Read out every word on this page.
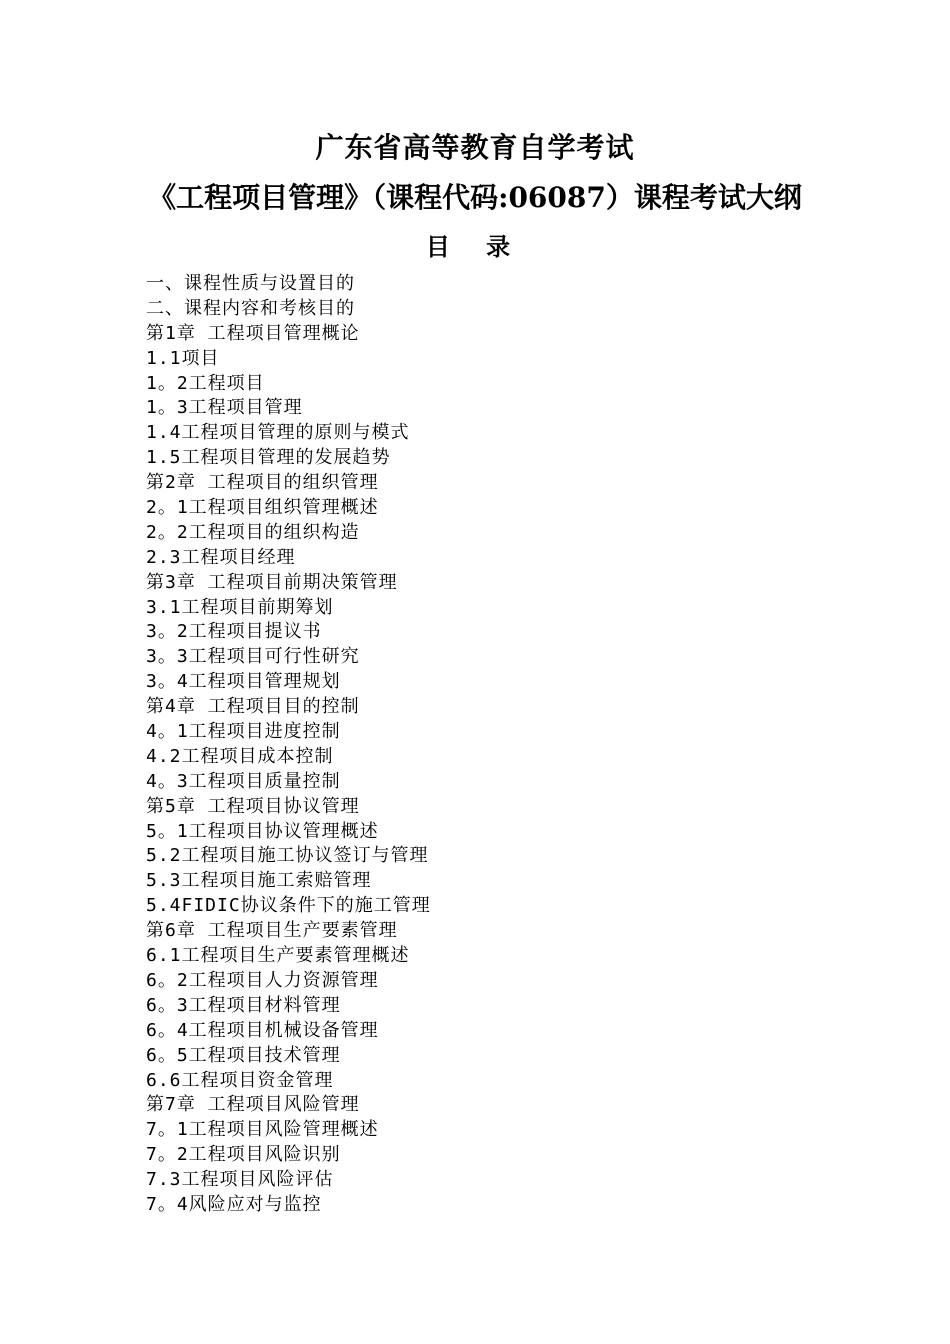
广东省高等教育自学考试
《工程项目管理》（课程代码:06087）课程考试大纲
目 录
一、课程性质与设置目的
二、课程内容和考核目的
第1章 工程项目管理概论
1.1项目
1。2工程项目
1。3工程项目管理
1.4工程项目管理的原则与模式
1.5工程项目管理的发展趋势
第2章 工程项目的组织管理
2。1工程项目组织管理概述
2。2工程项目的组织构造
2.3工程项目经理
第3章 工程项目前期决策管理
3.1工程项目前期筹划
3。2工程项目提议书
3。3工程项目可行性研究
3。4工程项目管理规划
第4章 工程项目目的控制
4。1工程项目进度控制
4.2工程项目成本控制
4。3工程项目质量控制
第5章 工程项目协议管理
5。1工程项目协议管理概述
5.2工程项目施工协议签订与管理
5.3工程项目施工索赔管理
5.4FIDIC协议条件下的施工管理
第6章 工程项目生产要素管理
6.1工程项目生产要素管理概述
6。2工程项目人力资源管理
6。3工程项目材料管理
6。4工程项目机械设备管理
6。5工程项目技术管理
6.6工程项目资金管理
第7章 工程项目风险管理
7。1工程项目风险管理概述
7。2工程项目风险识别
7.3工程项目风险评估
7。4风险应对与监控
